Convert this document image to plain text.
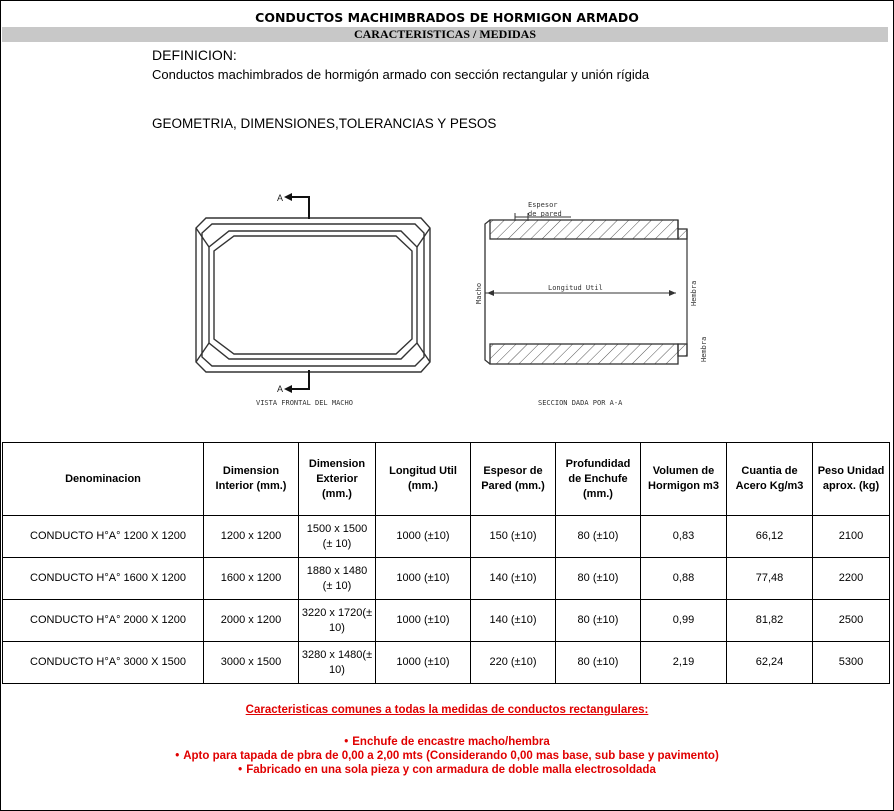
CONDUCTOS MACHIMBRADOS DE HORMIGON ARMADO
CARACTERISTICAS / MEDIDAS
DEFINICION:
Conductos machimbrados de hormigón armado con sección rectangular y unión rígida
GEOMETRIA, DIMENSIONES,TOLERANCIAS Y PESOS
A
A
VISTA FRONTAL DEL MACHO
Espesor
de pared
Longitud Util
Macho	Hembra
Hembra
SECCION DADA POR A-A
Denominacion	Dimension Interior (mm.)	Dimension Exterior (mm.)	Longitud Util (mm.)	Espesor de Pared (mm.)	Profundidad de Enchufe (mm.)	Volumen de Hormigon m3	Cuantia de Acero Kg/m3	Peso Unidad aprox. (kg)
CONDUCTO H°A° 1200 X 1200	1200 x 1200	1500 x 1500 (± 10)	1000 (±10)	150 (±10)	80 (±10)	0,83	66,12	2100
CONDUCTO H°A° 1600 X 1200	1600 x 1200	1880 x 1480 (± 10)	1000 (±10)	140 (±10)	80 (±10)	0,88	77,48	2200
CONDUCTO H°A° 2000 X 1200	2000 x 1200	3220 x 1720(± 10)	1000 (±10)	140 (±10)	80 (±10)	0,99	81,82	2500
CONDUCTO H°A° 3000 X 1500	3000 x 1500	3280 x 1480(± 10)	1000 (±10)	220 (±10)	80 (±10)	2,19	62,24	5300
Caracteristicas comunes a todas la medidas de conductos rectangulares:
• Enchufe de encastre macho/hembra
• Apto para tapada de pbra de 0,00 a 2,00 mts (Considerando 0,00 mas base, sub base y pavimento)
• Fabricado en una sola pieza y con armadura de doble malla electrosoldada
